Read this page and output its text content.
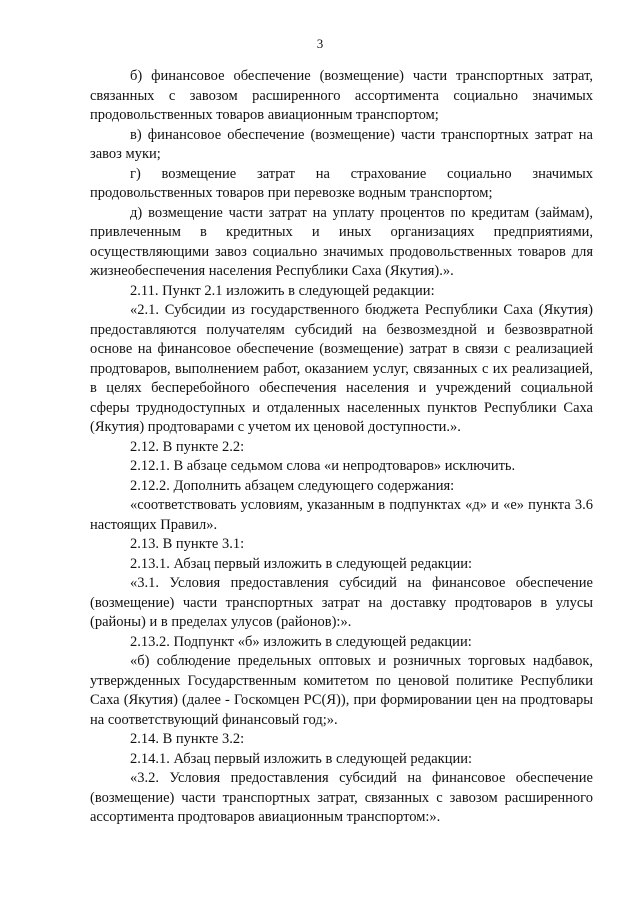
3

б) финансовое обеспечение (возмещение) части транспортных затрат, связанных с завозом расширенного ассортимента социально значимых продовольственных товаров авиационным транспортом;

в) финансовое обеспечение (возмещение) части транспортных затрат на завоз муки;

г) возмещение затрат на страхование социально значимых продовольственных товаров при перевозке водным транспортом;

д) возмещение части затрат на уплату процентов по кредитам (займам), привлеченным в кредитных и иных организациях предприятиями, осуществляющими завоз социально значимых продовольственных товаров для жизнеобеспечения населения Республики Саха (Якутия).».

2.11. Пункт 2.1 изложить в следующей редакции:

«2.1. Субсидии из государственного бюджета Республики Саха (Якутия) предоставляются получателям субсидий на безвозмездной и безвозвратной основе на финансовое обеспечение (возмещение) затрат в связи с реализацией продтоваров, выполнением работ, оказанием услуг, связанных с их реализацией, в целях бесперебойного обеспечения населения и учреждений социальной сферы труднодоступных и отдаленных населенных пунктов Республики Саха (Якутия) продтоварами с учетом их ценовой доступности.».

2.12. В пункте 2.2:

2.12.1. В абзаце седьмом слова «и непродтоваров» исключить.

2.12.2. Дополнить абзацем следующего содержания:

«соответствовать условиям, указанным в подпунктах «д» и «е» пункта 3.6 настоящих Правил».

2.13. В пункте 3.1:

2.13.1. Абзац первый изложить в следующей редакции:

«3.1. Условия предоставления субсидий на финансовое обеспечение (возмещение) части транспортных затрат на доставку продтоваров в улусы (районы) и в пределах улусов (районов):».

2.13.2. Подпункт «б» изложить в следующей редакции:

«б) соблюдение предельных оптовых и розничных торговых надбавок, утвержденных Государственным комитетом по ценовой политике Республики Саха (Якутия) (далее - Госкомцен РС(Я)), при формировании цен на продтовары на соответствующий финансовый год;».

2.14. В пункте 3.2:

2.14.1. Абзац первый изложить в следующей редакции:

«3.2. Условия предоставления субсидий на финансовое обеспечение (возмещение) части транспортных затрат, связанных с завозом расширенного ассортимента продтоваров авиационным транспортом:».
